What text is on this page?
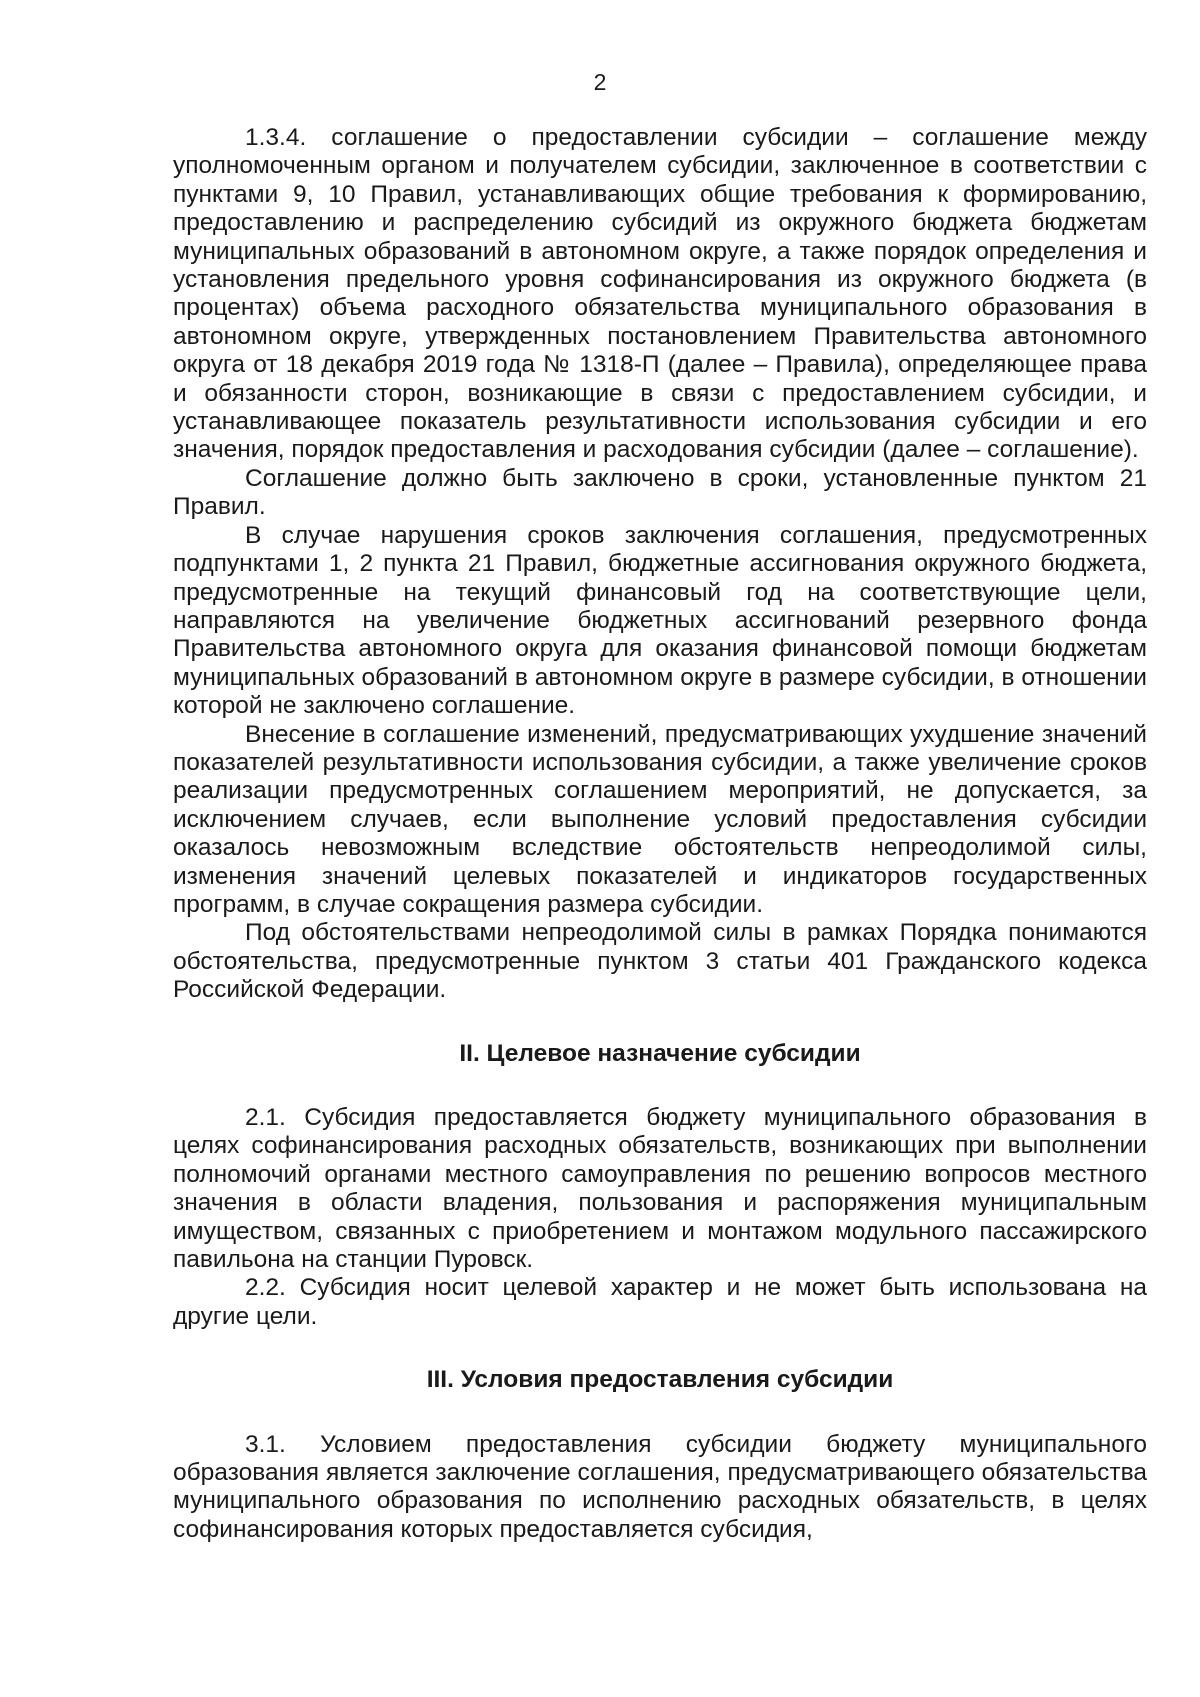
2

1.3.4. соглашение о предоставлении субсидии – соглашение между уполномоченным органом и получателем субсидии, заключенное в соответствии с пунктами 9, 10 Правил, устанавливающих общие требования к формированию, предоставлению и распределению субсидий из окружного бюджета бюджетам муниципальных образований в автономном округе, а также порядок определения и установления предельного уровня софинансирования из окружного бюджета (в процентах) объема расходного обязательства муниципального образования в автономном округе, утвержденных постановлением Правительства автономного округа от 18 декабря 2019 года № 1318-П (далее – Правила), определяющее права и обязанности сторон, возникающие в связи с предоставлением субсидии, и устанавливающее показатель результативности использования субсидии и его значения, порядок предоставления и расходования субсидии (далее – соглашение).

Соглашение должно быть заключено в сроки, установленные пунктом 21 Правил.

В случае нарушения сроков заключения соглашения, предусмотренных подпунктами 1, 2 пункта 21 Правил, бюджетные ассигнования окружного бюджета, предусмотренные на текущий финансовый год на соответствующие цели, направляются на увеличение бюджетных ассигнований резервного фонда Правительства автономного округа для оказания финансовой помощи бюджетам муниципальных образований в автономном округе в размере субсидии, в отношении которой не заключено соглашение.

Внесение в соглашение изменений, предусматривающих ухудшение значений показателей результативности использования субсидии, а также увеличение сроков реализации предусмотренных соглашением мероприятий, не допускается, за исключением случаев, если выполнение условий предоставления субсидии оказалось невозможным вследствие обстоятельств непреодолимой силы, изменения значений целевых показателей и индикаторов государственных программ, в случае сокращения размера субсидии.

Под обстоятельствами непреодолимой силы в рамках Порядка понимаются обстоятельства, предусмотренные пунктом 3 статьи 401 Гражданского кодекса Российской Федерации.

II. Целевое назначение субсидии

2.1. Субсидия предоставляется бюджету муниципального образования в целях софинансирования расходных обязательств, возникающих при выполнении полномочий органами местного самоуправления по решению вопросов местного значения в области владения, пользования и распоряжения муниципальным имуществом, связанных с приобретением и монтажом модульного пассажирского павильона на станции Пуровск.

2.2. Субсидия носит целевой характер и не может быть использована на другие цели.

III. Условия предоставления субсидии

3.1. Условием предоставления субсидии бюджету муниципального образования является заключение соглашения, предусматривающего обязательства муниципального образования по исполнению расходных обязательств, в целях софинансирования которых предоставляется субсидия,
